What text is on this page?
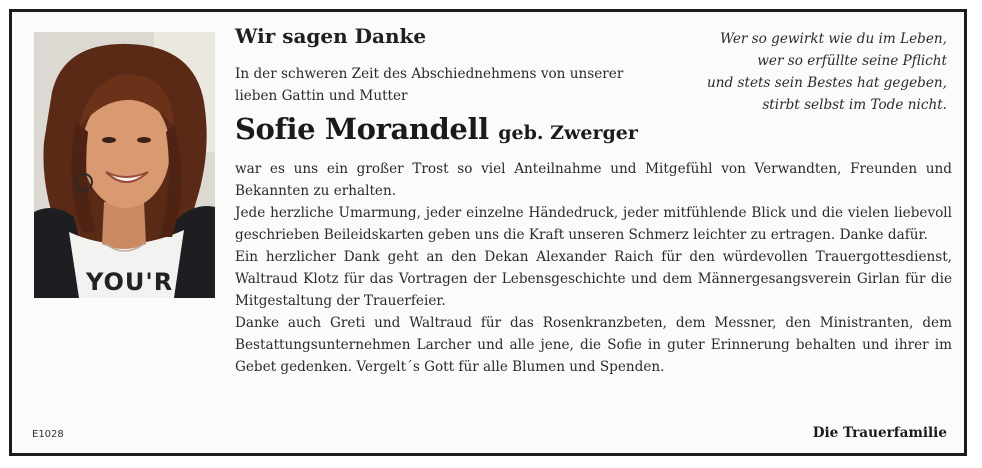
YOU'R
Wir sagen Danke
In der schweren Zeit des Abschiednehmens von unserer
lieben Gattin und Mutter
Sofie Morandell geb. Zwerger
Wer so gewirkt wie du im Leben,
wer so erfüllte seine Pflicht
und stets sein Bestes hat gegeben,
stirbt selbst im Tode nicht.

war es uns ein großer Trost so viel Anteilnahme und Mitgefühl von Verwandten, Freunden und Bekannten zu erhalten.

Jede herzliche Umarmung, jeder einzelne Händedruck, jeder mitfühlende Blick und die vielen liebevoll geschrieben Beileidskarten geben uns die Kraft unseren Schmerz leichter zu ertragen. Danke dafür.

Ein herzlicher Dank geht an den Dekan Alexander Raich für den würdevollen Trauergottesdienst, Waltraud Klotz für das Vortragen der Lebensgeschichte und dem Männergesangsverein Girlan für die Mitgestaltung der Trauerfeier.

Danke auch Greti und Waltraud für das Rosenkranzbeten, dem Messner, den Ministranten, dem Bestattungsunternehmen Larcher und alle jene, die Sofie in guter Erinnerung behalten und ihrer im Gebet gedenken. Vergelt´s Gott für alle Blumen und Spenden.

E1028	Die Trauerfamilie
